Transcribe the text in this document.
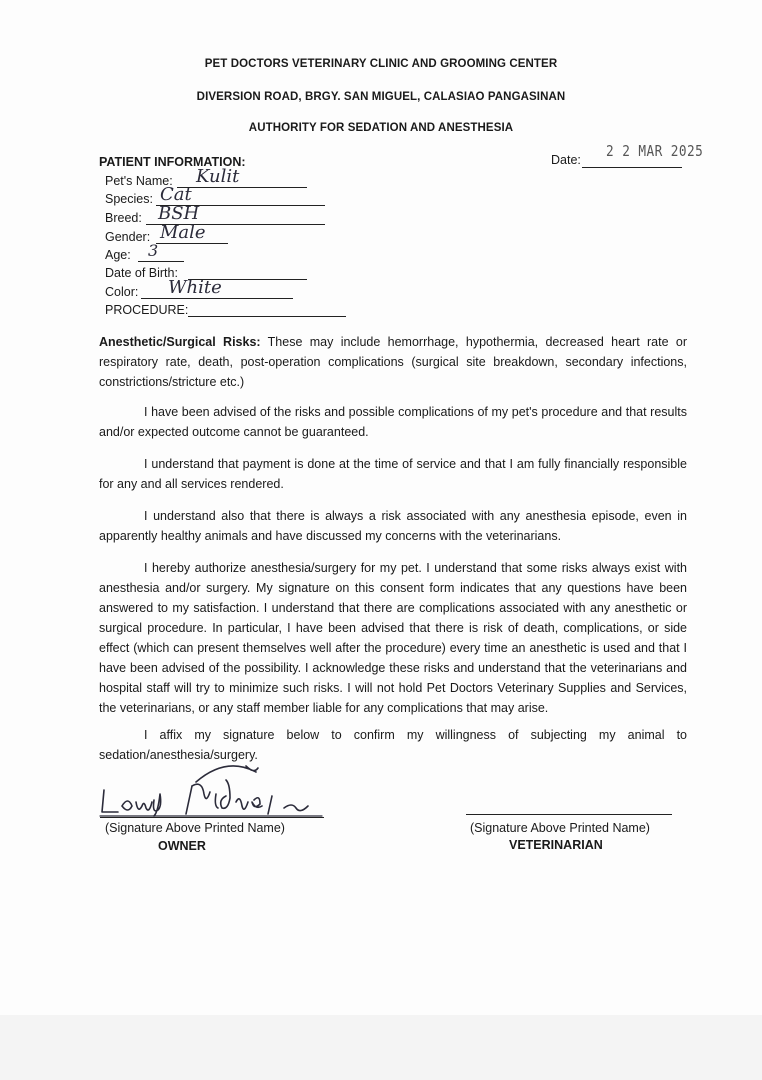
PET DOCTORS VETERINARY CLINIC AND GROOMING CENTER
DIVERSION ROAD, BRGY. SAN MIGUEL, CALASIAO PANGASINAN
AUTHORITY FOR SEDATION AND ANESTHESIA
Date: 2 2 MAR 2025
PATIENT INFORMATION:
Pet's Name: Kulit
Species: Cat
Breed: BSH
Gender: Male
Age: 3
Date of Birth:
Color: White
PROCEDURE:

Anesthetic/Surgical Risks: These may include hemorrhage, hypothermia, decreased heart rate or respiratory rate, death, post-operation complications (surgical site breakdown, secondary infections, constrictions/stricture etc.)

I have been advised of the risks and possible complications of my pet's procedure and that results and/or expected outcome cannot be guaranteed.

I understand that payment is done at the time of service and that I am fully financially responsible for any and all services rendered.

I understand also that there is always a risk associated with any anesthesia episode, even in apparently healthy animals and have discussed my concerns with the veterinarians.

I hereby authorize anesthesia/surgery for my pet. I understand that some risks always exist with anesthesia and/or surgery. My signature on this consent form indicates that any questions have been answered to my satisfaction. I understand that there are complications associated with any anesthetic or surgical procedure. In particular, I have been advised that there is risk of death, complications, or side effect (which can present themselves well after the procedure) every time an anesthetic is used and that I have been advised of the possibility. I acknowledge these risks and understand that the veterinarians and hospital staff will try to minimize such risks. I will not hold Pet Doctors Veterinary Supplies and Services, the veterinarians, or any staff member liable for any complications that may arise.

I affix my signature below to confirm my willingness of subjecting my animal to sedation/anesthesia/surgery.

(Signature Above Printed Name)
OWNER
(Signature Above Printed Name)
VETERINARIAN
